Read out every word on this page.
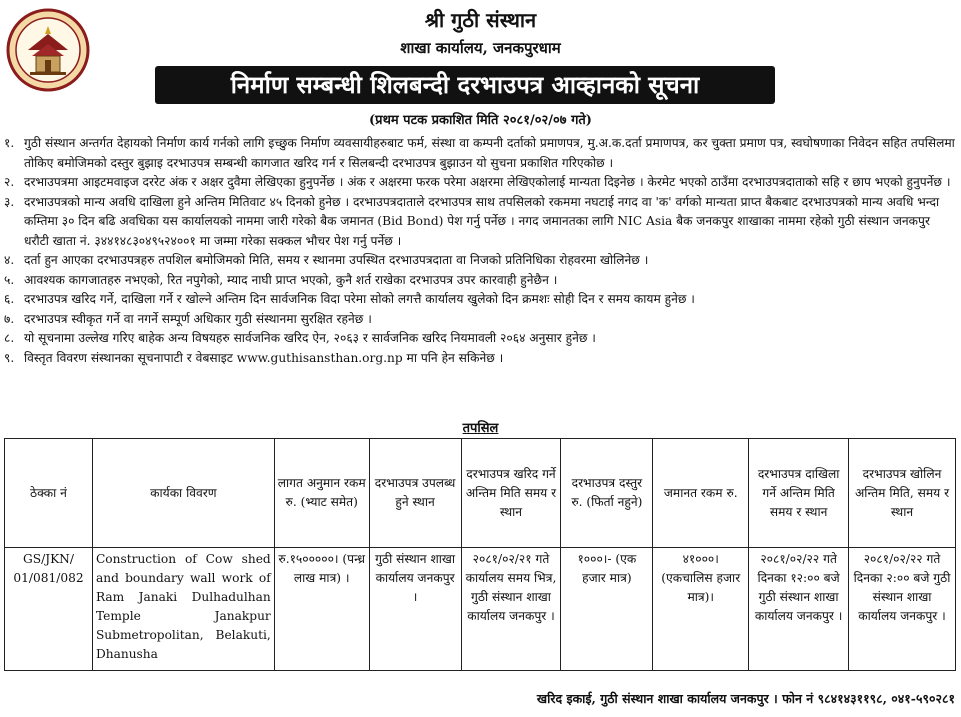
श्री गुठी संस्थान
शाखा कार्यालय, जनकपुरधाम
निर्माण सम्बन्धी शिलबन्दी दरभाउपत्र आव्हानको सूचना
(प्रथम पटक प्रकाशित मिति २०८१/०२/०७ गते)
१. गुठी संस्थान अन्तर्गत देहायको निर्माण कार्य गर्नको लागि इच्छुक निर्माण व्यवसायीहरुबाट फर्म, संस्था वा कम्पनी दर्ताको प्रमाणपत्र, मु.अ.क.दर्ता प्रमाणपत्र, कर चुक्ता प्रमाण पत्र, स्वघोषणाका निवेदन सहित तपसिलमा तोकिए बमोजिमको दस्तुर बुझाइ दरभाउपत्र सम्बन्धी कागजात खरिद गर्न र सिलबन्दी दरभाउपत्र बुझाउन यो सुचना प्रकाशित गरिएकोछ ।
२. दरभाउपत्रमा आइटमवाइज दररेट अंक र अक्षर दुवैमा लेखिएका हुनुपर्नेछ । अंक र अक्षरमा फरक परेमा अक्षरमा लेखिएकोलाई मान्यता दिइनेछ । केरमेट भएको ठाउँमा दरभाउपत्रदाताको सहि र छाप भएको हुनुपर्नेछ ।
३. दरभाउपत्रको मान्य अवधि दाखिला हुने अन्तिम मितिवाट ४५ दिनको हुनेछ । दरभाउपत्रदाताले दरभाउपत्र साथ तपसिलको रकममा नघटाई नगद वा 'क' वर्गको मान्यता प्राप्त बैकबाट दरभाउपत्रको मान्य अवधि भन्दा कम्तिमा ३० दिन बढि अवधिका यस कार्यालयको नाममा जारी गरेको बैक जमानत (Bid Bond) पेश गर्नु पर्नेछ । नगद जमानतका लागि NIC Asia बैक जनकपुर शाखाका नाममा रहेको गुठी संस्थान जनकपुर धरौटी खाता नं. ३४४१४८३०४९५२४००१ मा जम्मा गरेका सक्कल भौचर पेश गर्नु पर्नेछ ।
४. दर्ता हुन आएका दरभाउपत्रहरु तपशिल बमोजिमको मिति, समय र स्थानमा उपस्थित दरभाउपत्रदाता वा निजको प्रतिनिधिका रोहवरमा खोलिनेछ ।
५. आवश्यक कागजातहरु नभएको, रित नपुगेको, म्याद नाघी प्राप्त भएको, कुनै शर्त राखेका दरभाउपत्र उपर कारवाही हुनेछैन ।
६. दरभाउपत्र खरिद गर्ने, दाखिला गर्ने र खोल्ने अन्तिम दिन सार्वजनिक विदा परेमा सोको लगत्तै कार्यालय खुलेको दिन क्रमशः सोही दिन र समय कायम हुनेछ ।
७. दरभाउपत्र स्वीकृत गर्ने वा नगर्ने सम्पूर्ण अधिकार गुठी संस्थानमा सुरक्षित रहनेछ ।
८. यो सूचनामा उल्लेख गरिए बाहेक अन्य विषयहरु सार्वजनिक खरिद ऐन, २०६३ र सार्वजनिक खरिद नियमावली २०६४ अनुसार हुनेछ ।
९. विस्तृत विवरण संस्थानका सूचनापाटी र वेबसाइट www.guthisansthan.org.np मा पनि हेन सकिनेछ ।
तपसिल
ठेक्का नं	कार्यका विवरण	लागत अनुमान रकम रु. (भ्याट समेत)	दरभाउपत्र उपलब्ध हुने स्थान	दरभाउपत्र खरिद गर्ने अन्तिम मिति समय र स्थान	दरभाउपत्र दस्तुर रु. (फिर्ता नहुने)	जमानत रकम रु.	दरभाउपत्र दाखिला गर्ने अन्तिम मिति समय र स्थान	दरभाउपत्र खोलिन अन्तिम मिति, समय र स्थान
GS/JKN/ 01/081/082	Construction of Cow shed and boundary wall work of Ram Janaki Dulhadulhan Temple Janakpur Submetropolitan, Belakuti, Dhanusha	रु.१५०००००। (पन्ध्र लाख मात्र) ।	गुठी संस्थान शाखा कार्यालय जनकपुर ।	२०८१/०२/२१ गते कार्यालय समय भित्र, गुठी संस्थान शाखा कार्यालय जनकपुर ।	१०००।- (एक हजार मात्र)	४१०००। (एकचालिस हजार मात्र)।	२०८१/०२/२२ गते दिनका १२:०० बजे गुठी संस्थान शाखा कार्यालय जनकपुर ।	२०८१/०२/२२ गते दिनका २:०० बजे गुठी संस्थान शाखा कार्यालय जनकपुर ।
खरिद इकाई, गुठी संस्थान शाखा कार्यालय जनकपुर । फोन नं ९८४१४३११९८, ०४१-५९०२८१
